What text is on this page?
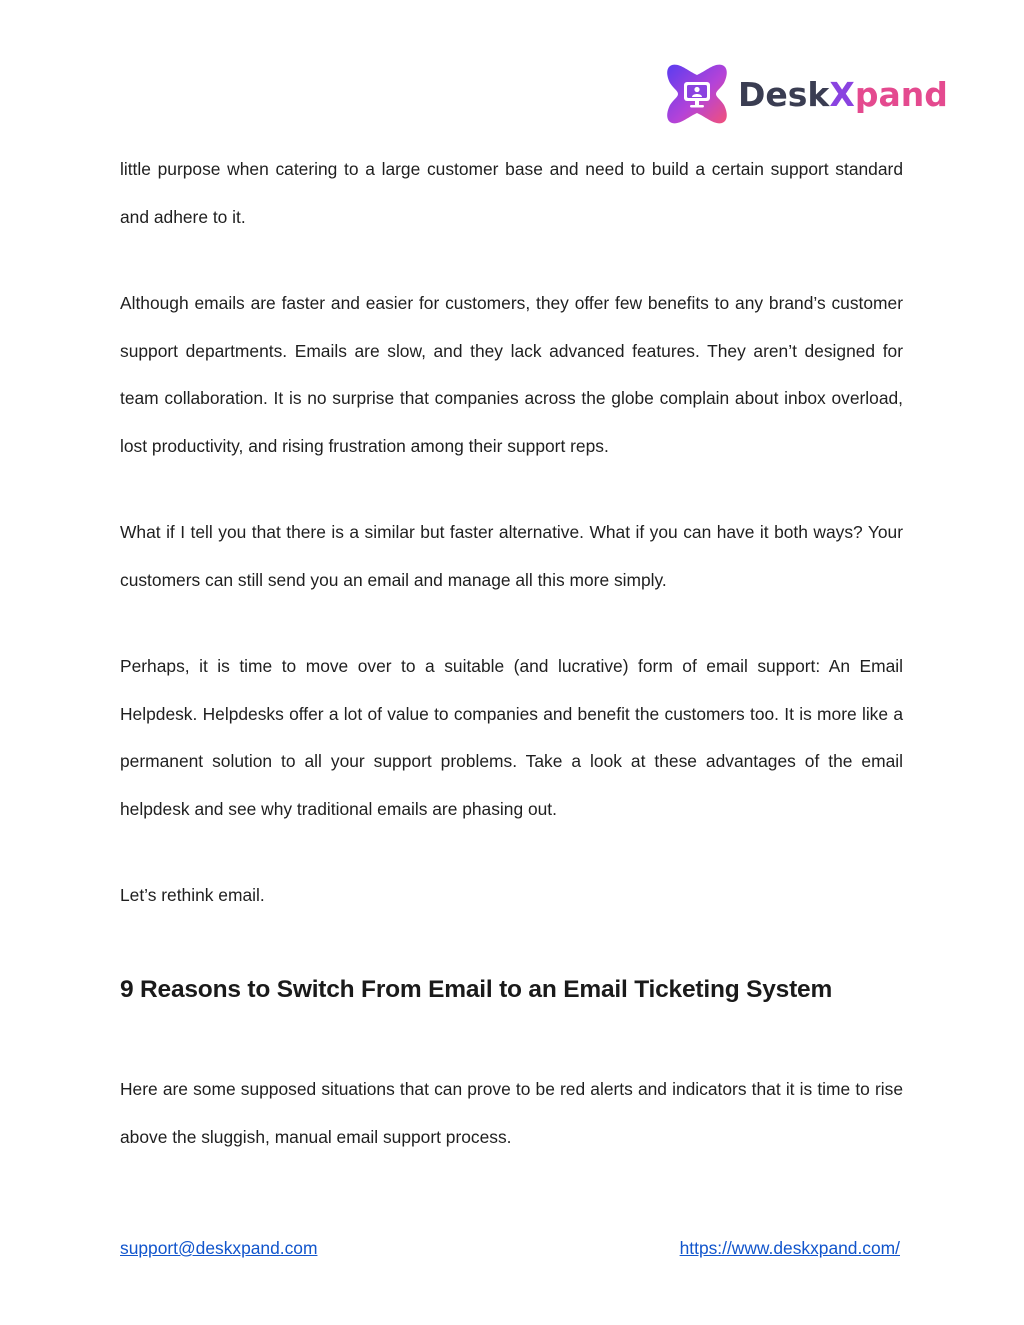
DeskXpand

little purpose when catering to a large customer base and need to build a certain support standard and adhere to it.

Although emails are faster and easier for customers, they offer few benefits to any brand’s customer support departments. Emails are slow, and they lack advanced features. They aren’t designed for team collaboration. It is no surprise that companies across the globe complain about inbox overload, lost productivity, and rising frustration among their support reps.

What if I tell you that there is a similar but faster alternative. What if you can have it both ways? Your customers can still send you an email and manage all this more simply.

Perhaps, it is time to move over to a suitable (and lucrative) form of email support: An Email Helpdesk. Helpdesks offer a lot of value to companies and benefit the customers too. It is more like a permanent solution to all your support problems. Take a look at these advantages of the email helpdesk and see why traditional emails are phasing out.

Let’s rethink email.

9 Reasons to Switch From Email to an Email Ticketing System

Here are some supposed situations that can prove to be red alerts and indicators that it is time to rise above the sluggish, manual email support process.

support@deskxpand.com	https://www.deskxpand.com/
